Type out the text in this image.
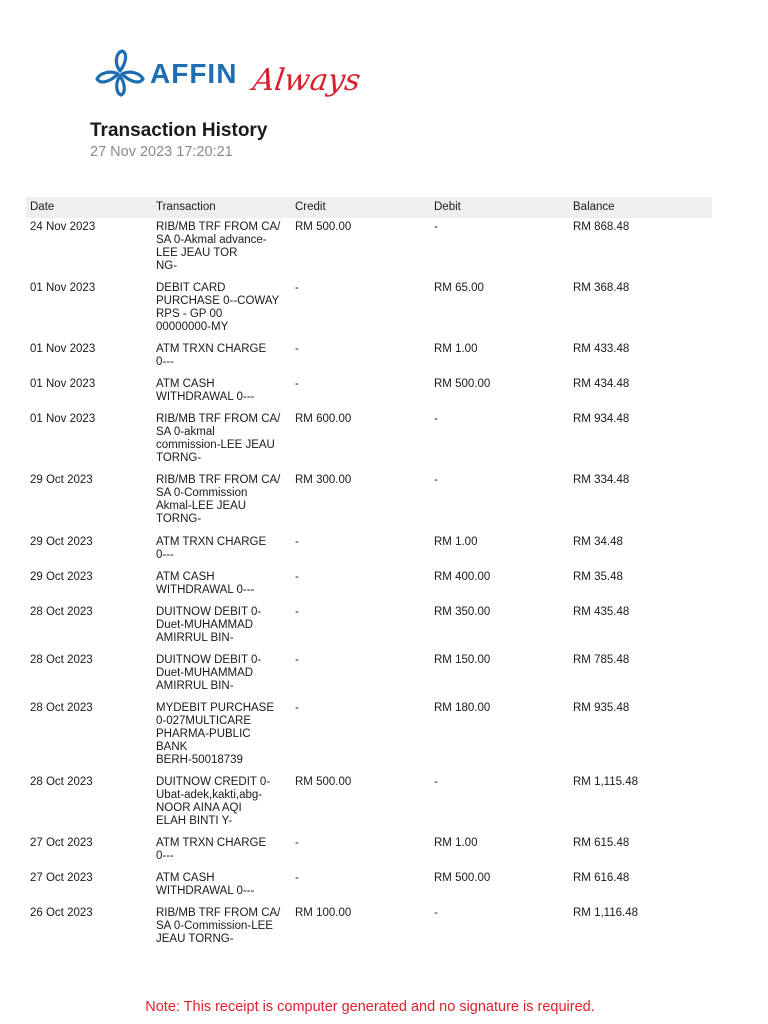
AFFIN Always
Transaction History
27 Nov 2023 17:20:21
Date	Transaction	Credit	Debit	Balance
24 Nov 2023	RIB/MB TRF FROM CA/
SA 0-Akmal advance-
LEE JEAU TOR
NG-	RM 500.00	-	RM 868.48
01 Nov 2023	DEBIT CARD
PURCHASE 0--COWAY
RPS - GP 00
00000000-MY	-	RM 65.00	RM 368.48
01 Nov 2023	ATM TRXN CHARGE
0---	-	RM 1.00	RM 433.48
01 Nov 2023	ATM CASH
WITHDRAWAL 0---	-	RM 500.00	RM 434.48
01 Nov 2023	RIB/MB TRF FROM CA/
SA 0-akmal
commission-LEE JEAU
TORNG-	RM 600.00	-	RM 934.48
29 Oct 2023	RIB/MB TRF FROM CA/
SA 0-Commission
Akmal-LEE JEAU
TORNG-	RM 300.00	-	RM 334.48
29 Oct 2023	ATM TRXN CHARGE
0---	-	RM 1.00	RM 34.48
29 Oct 2023	ATM CASH
WITHDRAWAL 0---	-	RM 400.00	RM 35.48
28 Oct 2023	DUITNOW DEBIT 0-
Duet-MUHAMMAD
AMIRRUL BIN-	-	RM 350.00	RM 435.48
28 Oct 2023	DUITNOW DEBIT 0-
Duet-MUHAMMAD
AMIRRUL BIN-	-	RM 150.00	RM 785.48
28 Oct 2023	MYDEBIT PURCHASE
0-027MULTICARE
PHARMA-PUBLIC
BANK
BERH-50018739	-	RM 180.00	RM 935.48
28 Oct 2023	DUITNOW CREDIT 0-
Ubat-adek,kakti,abg-
NOOR AINA AQI
ELAH BINTI Y-	RM 500.00	-	RM 1,115.48
27 Oct 2023	ATM TRXN CHARGE
0---	-	RM 1.00	RM 615.48
27 Oct 2023	ATM CASH
WITHDRAWAL 0---	-	RM 500.00	RM 616.48
26 Oct 2023	RIB/MB TRF FROM CA/
SA 0-Commission-LEE
JEAU TORNG-	RM 100.00	-	RM 1,116.48
Note: This receipt is computer generated and no signature is required.
